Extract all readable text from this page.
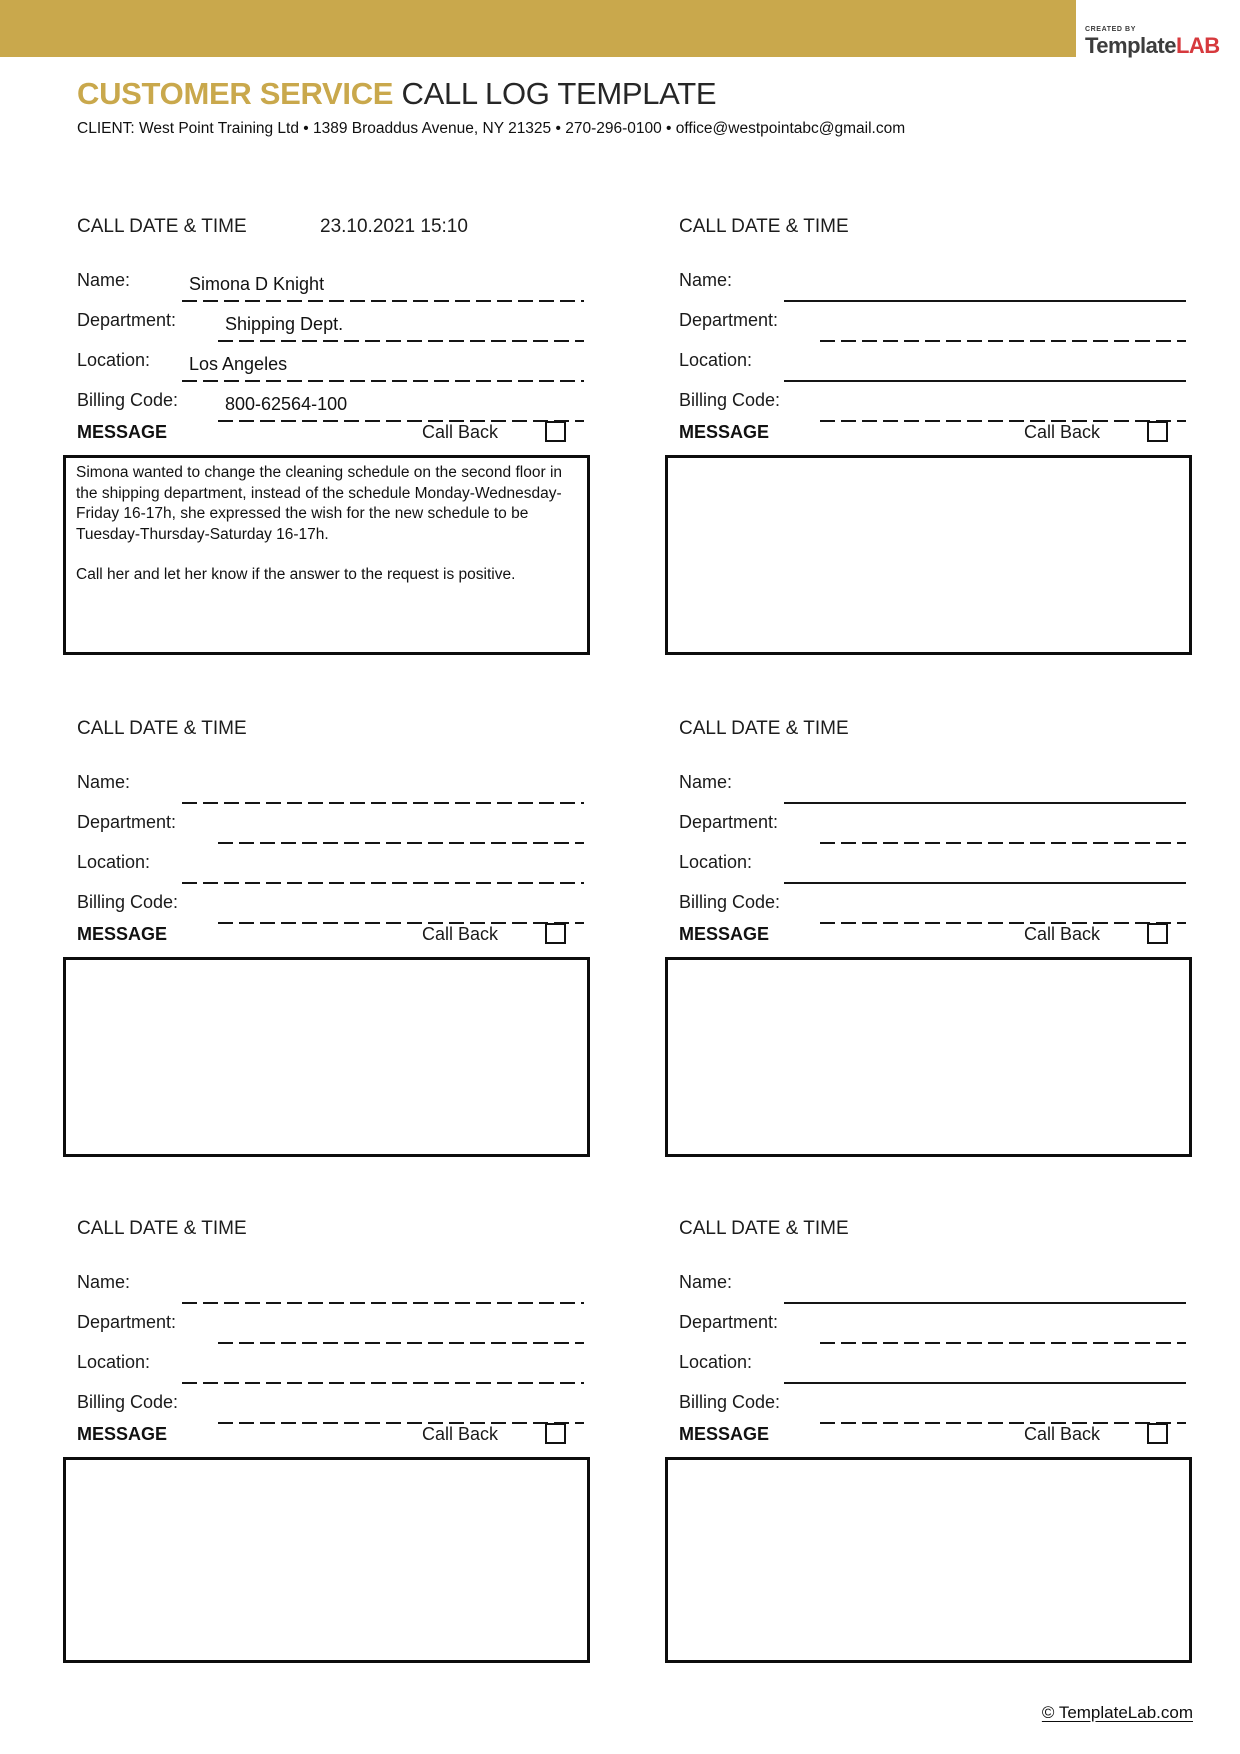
CREATED BY
TemplateLAB
CUSTOMER SERVICE CALL LOG TEMPLATE
CLIENT: West Point Training Ltd • 1389 Broaddus Avenue, NY 21325 • 270-296-0100 • office@westpointabc@gmail.com
CALL DATE & TIME	23.10.2021 15:10
Name:	Simona D Knight
Department:	Shipping Dept.
Location: Los Angeles
Billing Code:	800-62564-100
MESSAGE	Call Back

Simona wanted to change the cleaning schedule on the second floor in the shipping department, instead of the schedule Monday-Wednesday-Friday 16-17h, she expressed the wish for the new schedule to be Tuesday-Thursday-Saturday 16-17h.

Call her and let her know if the answer to the request is positive.

CALL DATE & TIME
Name:
Department:
Location:
Billing Code:
MESSAGE	Call Back

CALL DATE & TIME
Name:
Department:
Location:
Billing Code:
MESSAGE	Call Back

CALL DATE & TIME
Name:
Department:
Location:
Billing Code:
MESSAGE	Call Back

CALL DATE & TIME
Name:
Department:
Location:
Billing Code:
MESSAGE	Call Back

CALL DATE & TIME
Name:
Department:
Location:
Billing Code:
MESSAGE	Call Back

© TemplateLab.com
